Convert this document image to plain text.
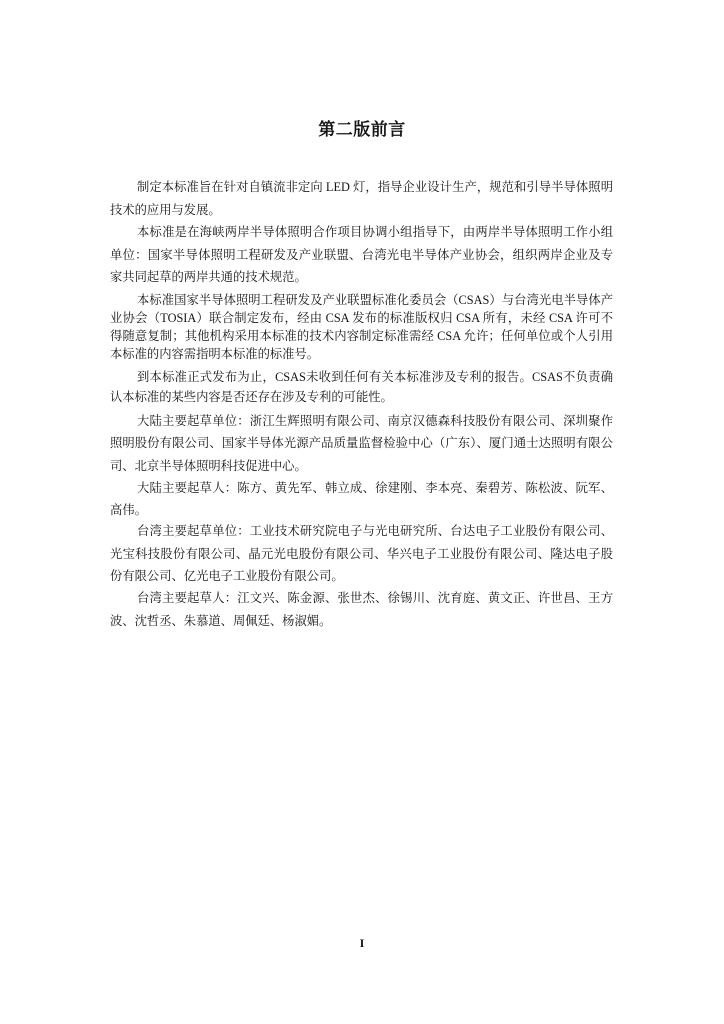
第二版前言
制定本标准旨在针对自镇流非定向 LED 灯，指导企业设计生产，规范和引导半导体照明
技术的应用与发展。
本标准是在海峡两岸半导体照明合作项目协调小组指导下，由两岸半导体照明工作小组
单位：国家半导体照明工程研发及产业联盟、台湾光电半导体产业协会，组织两岸企业及专
家共同起草的两岸共通的技术规范。
本标准国家半导体照明工程研发及产业联盟标准化委员会（CSAS）与台湾光电半导体产
业协会（TOSIA）联合制定发布，经由 CSA 发布的标准版权归 CSA 所有，未经 CSA 许可不
得随意复制；其他机构采用本标准的技术内容制定标准需经 CSA 允许；任何单位或个人引用
本标准的内容需指明本标准的标准号。
到本标准正式发布为止，CSAS未收到任何有关本标准涉及专利的报告。CSAS不负责确
认本标准的某些内容是否还存在涉及专利的可能性。
大陆主要起草单位：浙江生辉照明有限公司、南京汉德森科技股份有限公司、深圳聚作
照明股份有限公司、国家半导体光源产品质量监督检验中心（广东）、厦门通士达照明有限公
司、北京半导体照明科技促进中心。
大陆主要起草人：陈方、黄先军、韩立成、徐建刚、李本亮、秦碧芳、陈松波、阮军、
高伟。
台湾主要起草单位：工业技术研究院电子与光电研究所、台达电子工业股份有限公司、
光宝科技股份有限公司、晶元光电股份有限公司、华兴电子工业股份有限公司、隆达电子股
份有限公司、亿光电子工业股份有限公司。
台湾主要起草人：江文兴、陈金源、张世杰、徐锡川、沈育庭、黄文正、许世昌、王方
波、沈哲丞、朱慕道、周佩廷、杨淑媚。
I
